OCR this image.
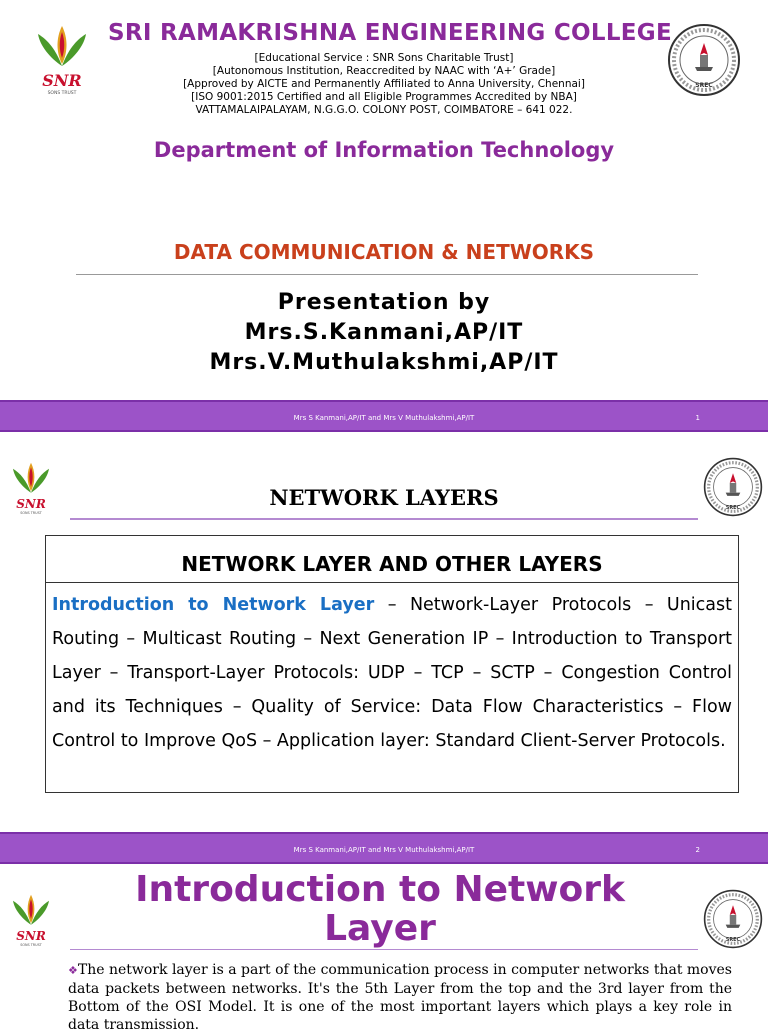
SNR
SONS TRUST
SREC
SRI RAMAKRISHNA ENGINEERING COLLEGE
[Educational Service : SNR Sons Charitable Trust]
[Autonomous Institution, Reaccredited by NAAC with ‘A+’ Grade]
[Approved by AICTE and Permanently Affiliated to Anna University, Chennai]
[ISO 9001:2015 Certified and all Eligible Programmes Accredited by NBA]
VATTAMALAIPALAYAM, N.G.G.O. COLONY POST, COIMBATORE – 641 022.
Department of Information Technology
DATA COMMUNICATION & NETWORKS
Presentation by
Mrs.S.Kanmani,AP/IT
Mrs.V.Muthulakshmi,AP/IT
Mrs S Kanmani,AP/IT and Mrs V Muthulakshmi,AP/IT	1
SNR
SONS TRUST
SREC
NETWORK LAYERS
NETWORK LAYER AND OTHER LAYERS
Introduction to Network Layer – Network-Layer Protocols – Unicast Routing – Multicast Routing – Next Generation IP – Introduction to Transport Layer – Transport-Layer Protocols: UDP – TCP – SCTP – Congestion Control and its Techniques – Quality of Service: Data Flow Characteristics – Flow Control to Improve QoS – Application layer: Standard Client-Server Protocols.
Mrs S Kanmani,AP/IT and Mrs V Muthulakshmi,AP/IT	2
SNR
SONS TRUST
SREC
Introduction to Network
Layer
❖The network layer is a part of the communication process in computer networks that moves data packets between networks. It's the 5th Layer from the top and the 3rd layer from the Bottom of the OSI Model. It is one of the most important layers which plays a key role in data transmission.
